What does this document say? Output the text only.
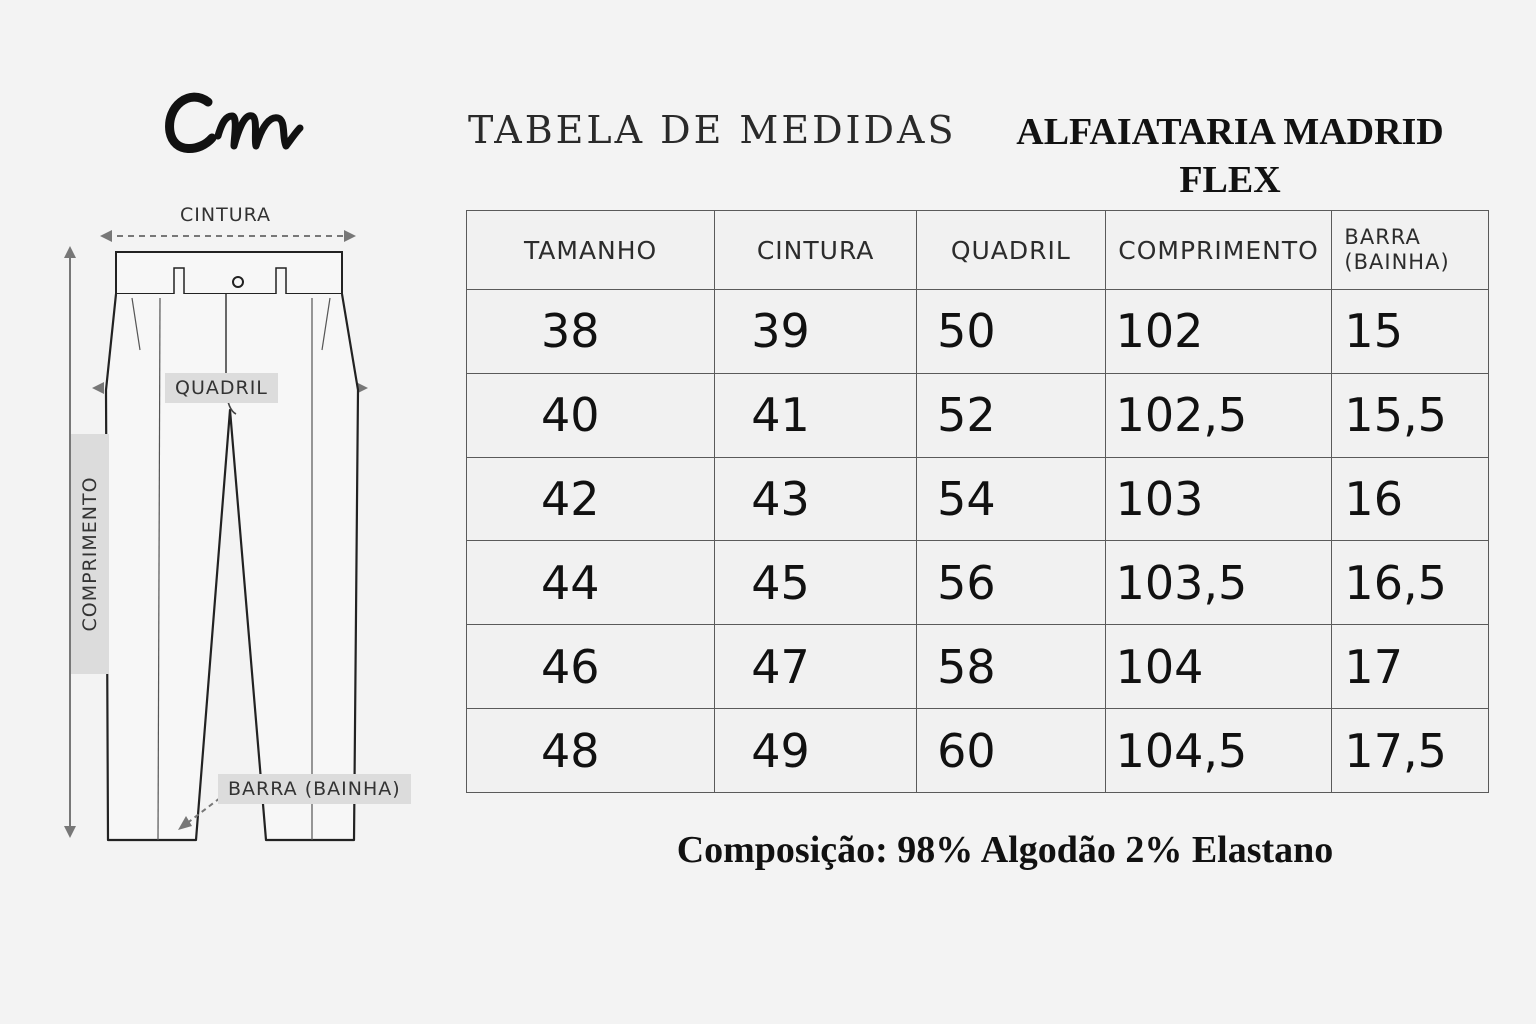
TABELA DE MEDIDAS	ALFAIATARIA MADRID
FLEX
CINTURA
QUADRIL
COMPRIMENTO
BARRA (BAINHA)
TAMANHO	CINTURA	QUADRIL	COMPRIMENTO	BARRA
(BAINHA)

38	39	50	102	15
40	41	52	102,5	15,5
42	43	54	103	16
44	45	56	103,5	16,5
46	47	58	104	17
48	49	60	104,5	17,5
Composição: 98% Algodão 2% Elastano
